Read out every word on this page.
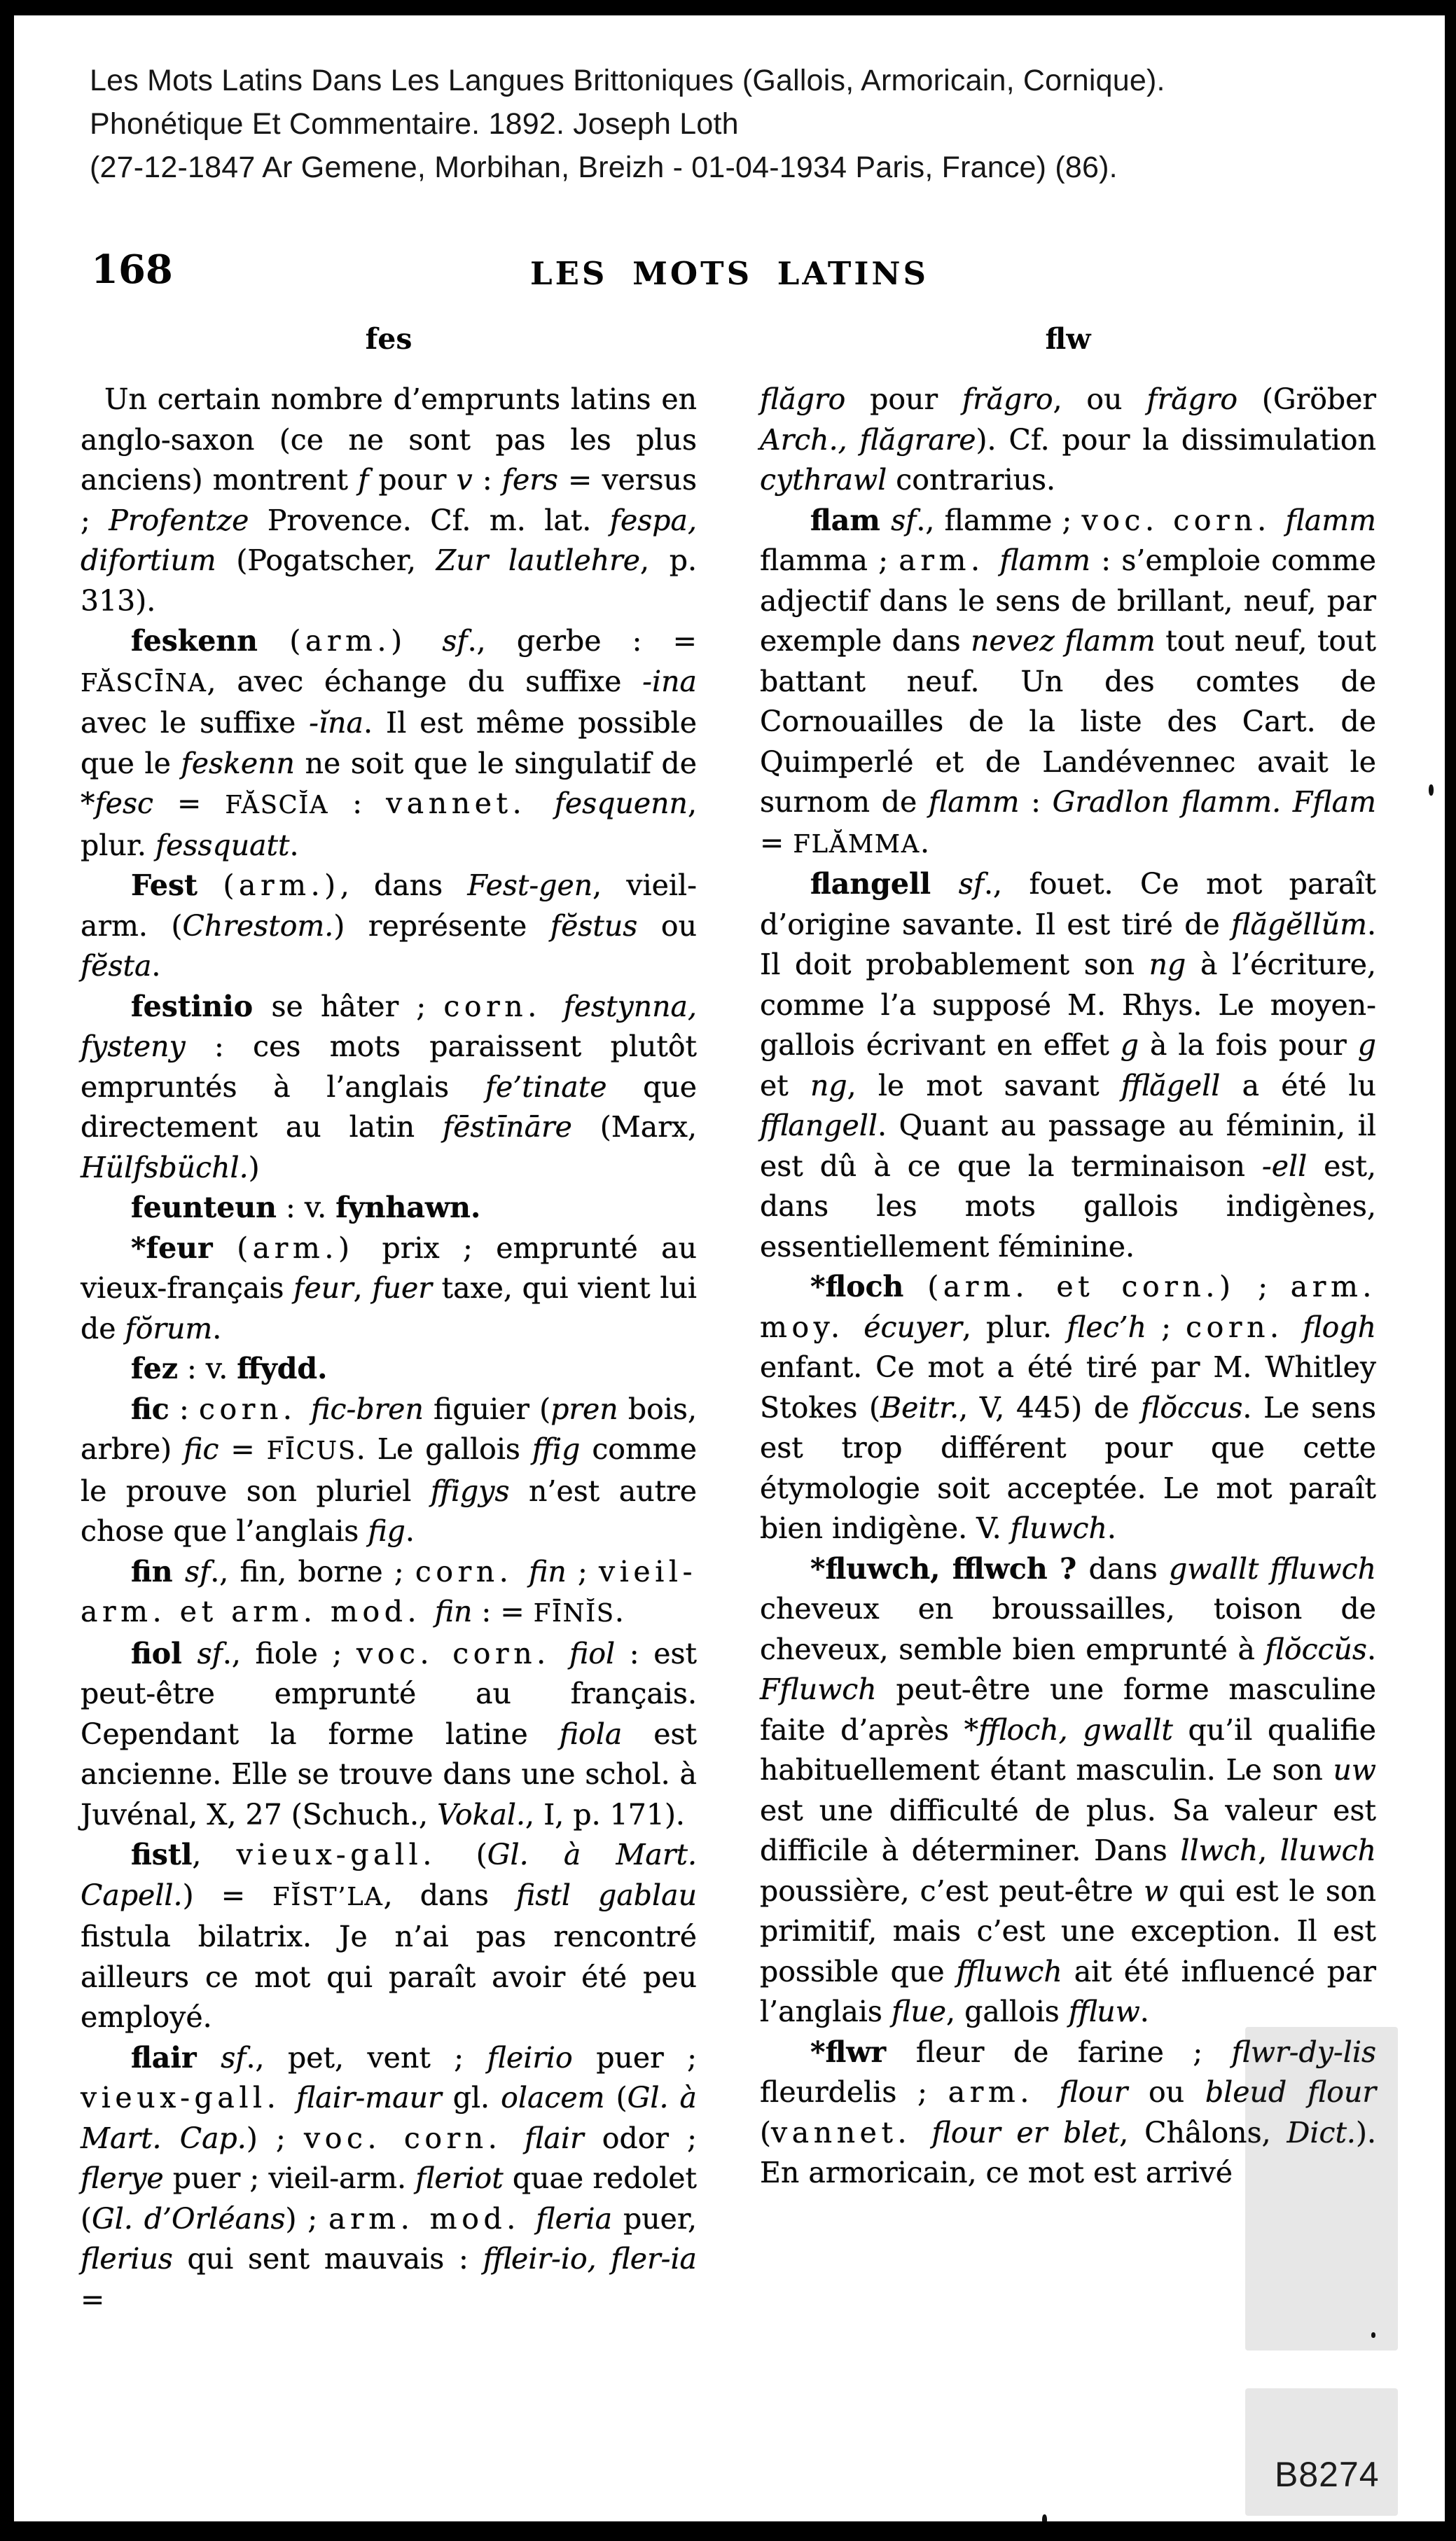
Les Mots Latins Dans Les Langues Brittoniques (Gallois, Armoricain, Cornique).
Phonétique Et Commentaire. 1892. Joseph Loth
(27-12-1847 Ar Gemene, Morbihan, Breizh - 01-04-1934 Paris, France) (86).
168	LES MOTS LATINS
fes	flw

Un certain nombre d’emprunts latins en anglo-saxon (ce ne sont pas les plus anciens) montrent f pour v : fers = versus ; Profentze Provence. Cf. m. lat. fespa, difortium (Pogatscher, Zur lautlehre, p. 313).

feskenn (arm.) sf., gerbe : = FĂSCĪNA, avec échange du suffixe -ina avec le suffixe -ĭna. Il est même possible que le feskenn ne soit que le singulatif de *fesc = FĂSCĬA : vannet. fesquenn, plur. fessquatt.

Fest (arm.), dans Fest-gen, vieil-arm. (Chrestom.) représente fĕstus ou fĕsta.

festinio se hâter ; corn. festynna, fysteny : ces mots paraissent plutôt empruntés à l’anglais fe’tinate que directement au latin fēstīnāre (Marx, Hülfsbüchl.)

feunteun : v. fynhawn.

*feur (arm.) prix ; emprunté au vieux-français feur, fuer taxe, qui vient lui de fŏrum.

fez : v. ffydd.

fic : corn. fic-bren figuier (pren bois, arbre) fic = FĪCUS. Le gallois ffig comme le prouve son pluriel ffigys n’est autre chose que l’anglais fig.

fin sf., fin, borne ; corn. fin ; vieil-arm. et arm. mod. fin : = FĪNĬS.

fiol sf., fiole ; voc. corn. fiol : est peut-être emprunté au français. Cependant la forme latine fiola est ancienne. Elle se trouve dans une schol. à Juvénal, X, 27 (Schuch., Vokal., I, p. 171).

fistl, vieux-gall. (Gl. à Mart. Capell.) = FĬST’LA, dans fistl gablau fistula bilatrix. Je n’ai pas rencontré ailleurs ce mot qui paraît avoir été peu employé.

flair sf., pet, vent ; fleirio puer ; vieux-gall. flair-maur gl. olacem (Gl. à Mart. Cap.) ; voc. corn. flair odor ; flerye puer ; vieil-arm. fleriot quae redolet (Gl. d’Orléans) ; arm. mod. fleria puer, flerius qui sent mauvais : ffleir-io, fler-ia =

flăgro pour frăgro, ou frăgro (Gröber Arch., flăgrare). Cf. pour la dissimulation cythrawl contrarius.

flam sf., flamme ; voc. corn. flamm flamma ; arm. flamm : s’emploie comme adjectif dans le sens de brillant, neuf, par exemple dans nevez flamm tout neuf, tout battant neuf. Un des comtes de Cornouailles de la liste des Cart. de Quimperlé et de Landévennec avait le surnom de flamm : Gradlon flamm. Fflam = FLĂMMA.

flangell sf., fouet. Ce mot paraît d’origine savante. Il est tiré de flăgĕllŭm. Il doit probablement son ng à l’écriture, comme l’a supposé M. Rhys. Le moyen-gallois écrivant en effet g à la fois pour g et ng, le mot savant fflăgell a été lu fflangell. Quant au passage au féminin, il est dû à ce que la terminaison -ell est, dans les mots gallois indigènes, essentiellement féminine.

*floch (arm. et corn.) ; arm. moy. écuyer, plur. flec’h ; corn. flogh enfant. Ce mot a été tiré par M. Whitley Stokes (Beitr., V, 445) de flŏccus. Le sens est trop différent pour que cette étymologie soit acceptée. Le mot paraît bien indigène. V. fluwch.

*fluwch, fflwch ? dans gwallt ffluwch cheveux en broussailles, toison de cheveux, semble bien emprunté à flŏccŭs. Ffluwch peut-être une forme masculine faite d’après *ffloch, gwallt qu’il qualifie habituellement étant masculin. Le son uw est une difficulté de plus. Sa valeur est difficile à déterminer. Dans llwch, lluwch poussière, c’est peut-être w qui est le son primitif, mais c’est une exception. Il est possible que ffluwch ait été influencé par l’anglais flue, gallois ffluw.

*flwr fleur de farine ; flwr-dy-lis fleurdelis ; arm. flour ou bleud flour (vannet. flour er blet, Châlons, Dict.). En armoricain, ce mot est arrivé

B8274
